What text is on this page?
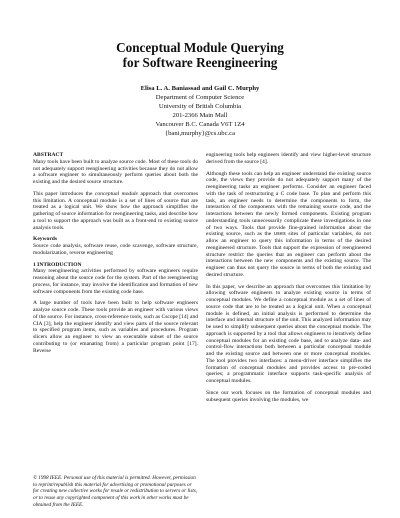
Conceptual Module Querying
for Software Reengineering
Elisa L. A. Baniassad and Gail C. Murphy
Department of Computer Science
University of British Columbia
201-2366 Main Mall
Vancouver B.C. Canada V6T 1Z4
{bani,murphy}@cs.ubc.ca

ABSTRACT

Many tools have been built to analyze source code. Most of these tools do not adequately support reengineering activities because they do not allow a software engineer to simultaneously perform queries about both the existing and the desired source structure.

This paper introduces the conceptual module approach that overcomes this limitation. A conceptual module is a set of lines of source that are treated as a logical unit. We show how the approach simplifies the gathering of source information for reengineering tasks, and describe how a tool to support the approach was built as a front-end to existing source analysis tools.

Keywords

Source code analysis, software reuse, code scavenge, software structure, modularization, reverse engineering

1 INTRODUCTION

Many reengineering activities performed by software engineers require reasoning about the source code for the system. Part of the reengineering process, for instance, may involve the identification and formation of new software components from the existing code base.

A large number of tools have been built to help software engineers analyze source code. These tools provide an engineer with various views of the source. For instance, cross-reference tools, such as Cscope [14] and CIA [3], help the engineer identify and view parts of the source relevant to specified program items, such as variables and procedures. Program slicers allow an engineer to view an executable subset of the source contributing to (or emanating from) a particular program point [17]. Reverse

© 1998 IEEE. Personal use of this material is permitted. However, permission to reprint/republish this material for advertising or promotional purposes or for creating new collective works for resale or redistribution to servers or lists, or to reuse any copyrighted component of this work in other works must be obtained from the IEEE.

engineering tools help engineers identify and view higher-level structure derived from the source [4].

Although these tools can help an engineer understand the existing source code, the views they provide do not adequately support many of the reengineering tasks an engineer performs. Consider an engineer faced with the task of restructuring a C code base. To plan and perform this task, an engineer needs to determine the components to form, the interaction of the components with the remaining source code, and the interactions between the newly formed components. Existing program understanding tools unnecessarily complicate these investigations in one of two ways. Tools that provide fine-grained information about the existing source, such as the uses sites of particular variables, do not allow an engineer to query this information in terms of the desired reengineered structure. Tools that support the expression of reengineered structure restrict the queries that an engineer can perform about the interactions between the new components and the existing source. The engineer can thus not query the source in terms of both the existing and desired structure.

In this paper, we describe an approach that overcomes this limitation by allowing software engineers to analyze existing source in terms of conceptual modules. We define a conceptual module as a set of lines of source code that are to be treated as a logical unit. When a conceptual module is defined, an initial analysis is performed to determine the interface and internal structure of the unit. This analyzed information may be used to simplify subsequent queries about the conceptual module. The approach is supported by a tool that allows engineers to iteratively define conceptual modules for an existing code base, and to analyze data- and control-flow interactions both between a particular conceptual module and the existing source and between one or more conceptual modules. The tool provides two interfaces: a menu-driver interface simplifies the formation of conceptual modules and provides access to pre-coded queries; a programmatic interface supports task-specific analysis of conceptual modules.

Since our work focuses on the formation of conceptual modules and subsequent queries involving the modules, we
